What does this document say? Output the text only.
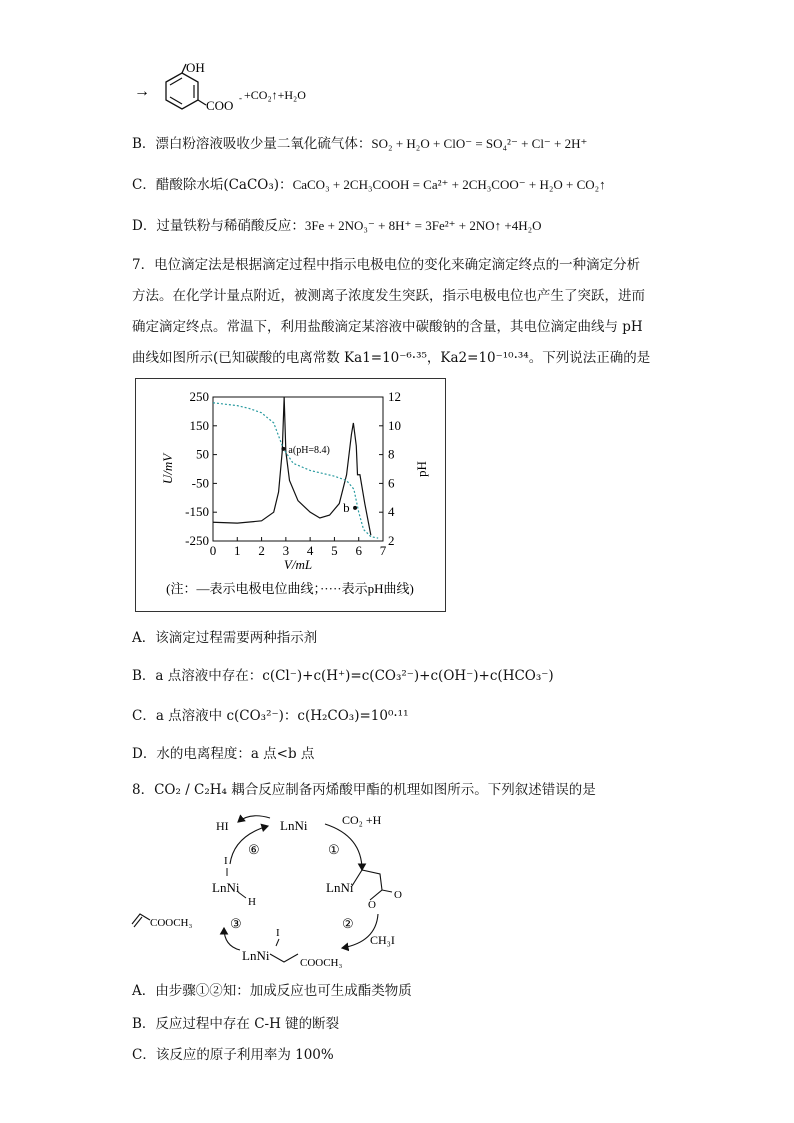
→
OH
COO - +CO₂↑+H₂O
B．漂白粉溶液吸收少量二氧化硫气体：SO₂ + H₂O + ClO⁻ = SO₄²⁻ + Cl⁻ + 2H⁺
C．醋酸除水垢(CaCO₃)：CaCO₃ + 2CH₃COOH = Ca²⁺ + 2CH₃COO⁻ + H₂O + CO₂↑
D．过量铁粉与稀硝酸反应：3Fe + 2NO₃⁻ + 8H⁺ = 3Fe²⁺ + 2NO↑ +4H₂O
7．电位滴定法是根据滴定过程中指示电极电位的变化来确定滴定终点的一种滴定分析
方法。在化学计量点附近，被测离子浓度发生突跃，指示电极电位也产生了突跃，进而
确定滴定终点。常温下，利用盐酸滴定某溶液中碳酸钠的含量，其电位滴定曲线与 pH
曲线如图所示(已知碳酸的电离常数 Ka1=10⁻⁶·³⁵，Ka2=10⁻¹⁰·³⁴。下列说法正确的是
0 1 2 3 4 5 6 7
250
150
50
-50
-150
-250
12
10
8
6
4
2
V/mL
U/mV	pH
a(pH=8.4)
b
(注：—表示电极电位曲线；·····表示pH曲线)
A．该滴定过程需要两种指示剂
B．a 点溶液中存在：c(Cl⁻)+c(H⁺)=c(CO₃²⁻)+c(OH⁻)+c(HCO₃⁻)
C．a 点溶液中 c(CO₃²⁻)：c(H₂CO₃)=10⁰·¹¹
D．水的电离程度：a 点<b 点
8．CO₂ / C₂H₄ 耦合反应制备丙烯酸甲酯的机理如图所示。下列叙述错误的是
LnNi	CO₂ +H
HI
①
⑥
I
LnNi
H
LnNi
O
O
②
CH₃I
I
LnNi	COOCH₃
③
COOCH₃
A．由步骤①②知：加成反应也可生成酯类物质
B．反应过程中存在 C-H 键的断裂
C．该反应的原子利用率为 100%
